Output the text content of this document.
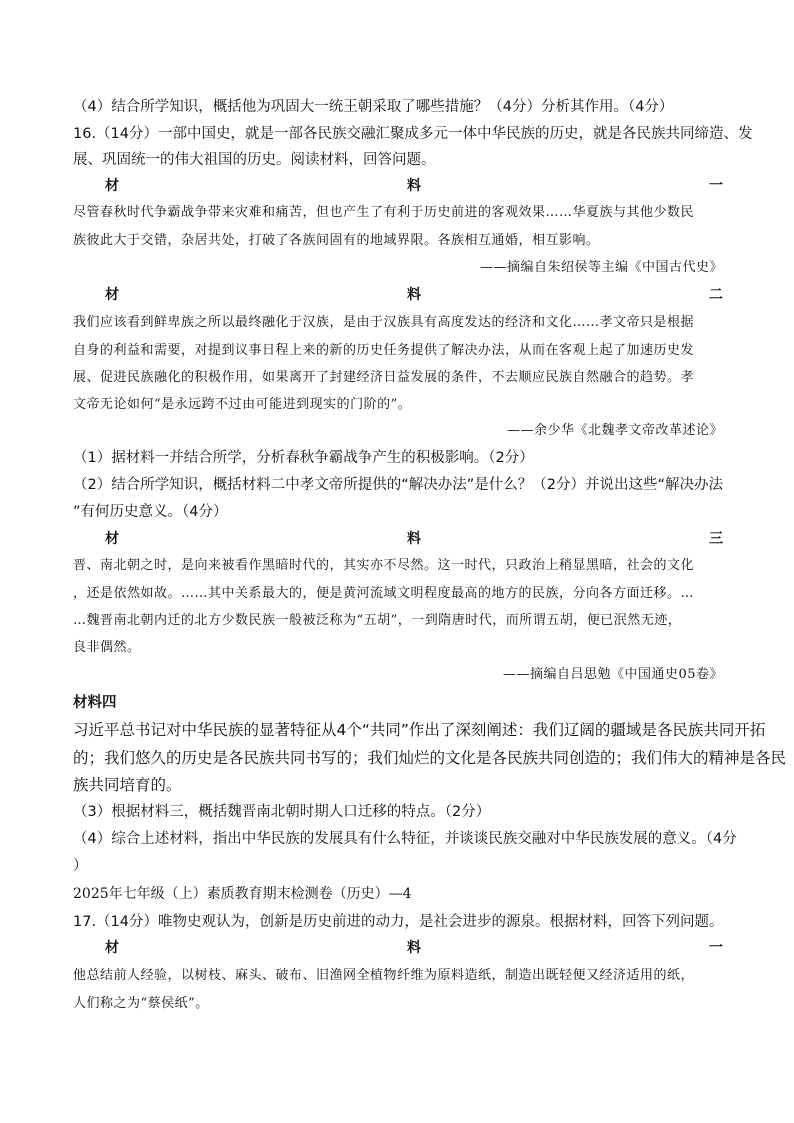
（4）结合所学知识，概括他为巩固大一统王朝采取了哪些措施？（4分）分析其作用。（4分）
16.（14分）一部中国史，就是一部各民族交融汇聚成多元一体中华民族的历史，就是各民族共同缔造、发
展、巩固统一的伟大祖国的历史。阅读材料，回答问题。
材	料	一
尽管春秋时代争霸战争带来灾难和痛苦，但也产生了有利于历史前进的客观效果……华夏族与其他少数民
族彼此大于交错，杂居共处，打破了各族间固有的地域界限。各族相互通婚，相互影响。
——摘编自朱绍侯等主编《中国古代史》
材	料	二
我们应该看到鲜卑族之所以最终融化于汉族，是由于汉族具有高度发达的经济和文化……孝文帝只是根据
自身的利益和需要，对提到议事日程上来的新的历史任务提供了解决办法，从而在客观上起了加速历史发
展、促进民族融化的积极作用，如果离开了封建经济日益发展的条件，不去顺应民族自然融合的趋势。孝
文帝无论如何“是永远跨不过由可能进到现实的门阶的”。
——余少华《北魏孝文帝改革述论》
（1）据材料一并结合所学，分析春秋争霸战争产生的积极影响。（2分）
（2）结合所学知识，概括材料二中孝文帝所提供的“解决办法”是什么？（2分）并说出这些“解决办法
”有何历史意义。（4分）
材	料	三
晋、南北朝之时，是向来被看作黑暗时代的，其实亦不尽然。这一时代，只政治上稍显黑暗，社会的文化
，还是依然如故。……其中关系最大的，便是黄河流域文明程度最高的地方的民族，分向各方面迁移。…
…魏晋南北朝内迁的北方少数民族一般被泛称为“五胡”，一到隋唐时代，而所谓五胡，便已泯然无迹，
良非偶然。
——摘编自吕思勉《中国通史05卷》
材料四
习近平总书记对中华民族的显著特征从4个“共同”作出了深刻阐述：我们辽阔的疆域是各民族共同开拓
的；我们悠久的历史是各民族共同书写的；我们灿烂的文化是各民族共同创造的；我们伟大的精神是各民
族共同培育的。
（3）根据材料三，概括魏晋南北朝时期人口迁移的特点。（2分）
（4）综合上述材料，指出中华民族的发展具有什么特征，并谈谈民族交融对中华民族发展的意义。（4分
）
2025年七年级（上）素质教育期末检测卷（历史）—4
17.（14分）唯物史观认为，创新是历史前进的动力，是社会进步的源泉。根据材料，回答下列问题。
材	料	一
他总结前人经验，以树枝、麻头、破布、旧渔网全植物纤维为原料造纸，制造出既轻便又经济适用的纸，
人们称之为“蔡侯纸”。
